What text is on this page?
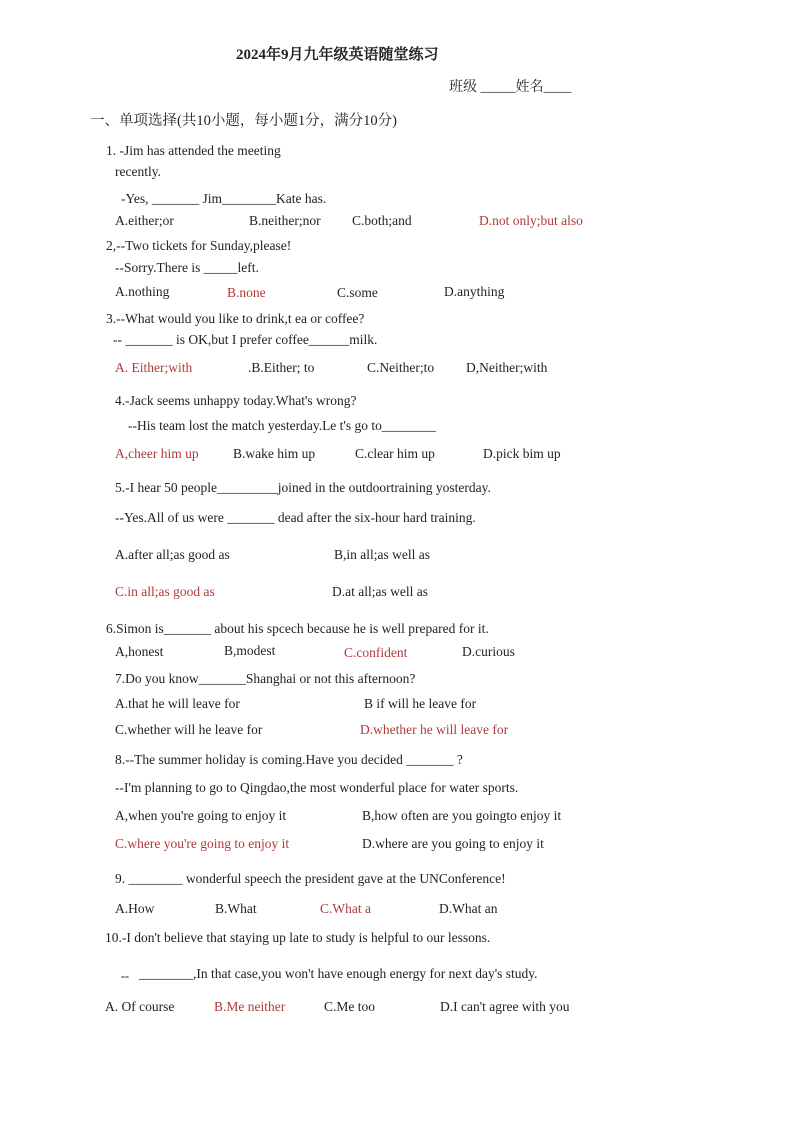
2024年9月九年级英语随堂练习
班级 _____姓名____
一、单项选择(共10小题，每小题1分，满分10分)
1. -Jim has attended the meeting
recently.
-Yes, _______ Jim________Kate has.
A.either;or	B.neither;nor C.both;and	D.not only;but also
2,--Two tickets for Sunday,please!
--Sorry.There is _____left.
A.nothing	B.none	C.some	D.anything
3.--What would you like to drink,t ea or coffee?
-- _______ is OK,but I prefer coffee______milk.
A. Either;with	.B.Either; to	C.Neither;to D,Neither;with
4.-Jack seems unhappy today.What's wrong?
--His team lost the match yesterday.Le t's go to________
A,cheer him up	B.wake him up	C.clear him up	D.pick bim up
5.-I hear 50 people_________joined in the outdoortraining yosterday.
--Yes.All of us were _______ dead after the six-hour hard training.
A.after all;as good as	B,in all;as well as
C.in all;as good as	D.at all;as well as
6.Simon is_______ about his spcech because he is well prepared for it.
A,honest	B,modest	C.confident	D.curious
7.Do you know_______Shanghai or not this afternoon?
A.that he will leave for	B if will he leave for
C.whether will he leave for	D.whether he will leave for
8.--The summer holiday is coming.Have you decided _______ ?
--I'm planning to go to Qingdao,the most wonderful place for water sports.
A,when you're going to enjoy it	B,how often are you goingto enjoy it
C.where you're going to enjoy it	D.where are you going to enjoy it
9. ________ wonderful speech the president gave at the UNConference!
A.How	B.What	C.What a	D.What an
10.-I don't believe that staying up late to study is helpful to our lessons.
-- ________,In that case,you won't have enough energy for next day's study.
A. Of course	B.Me neither	C.Me too	D.I can't agree with you
